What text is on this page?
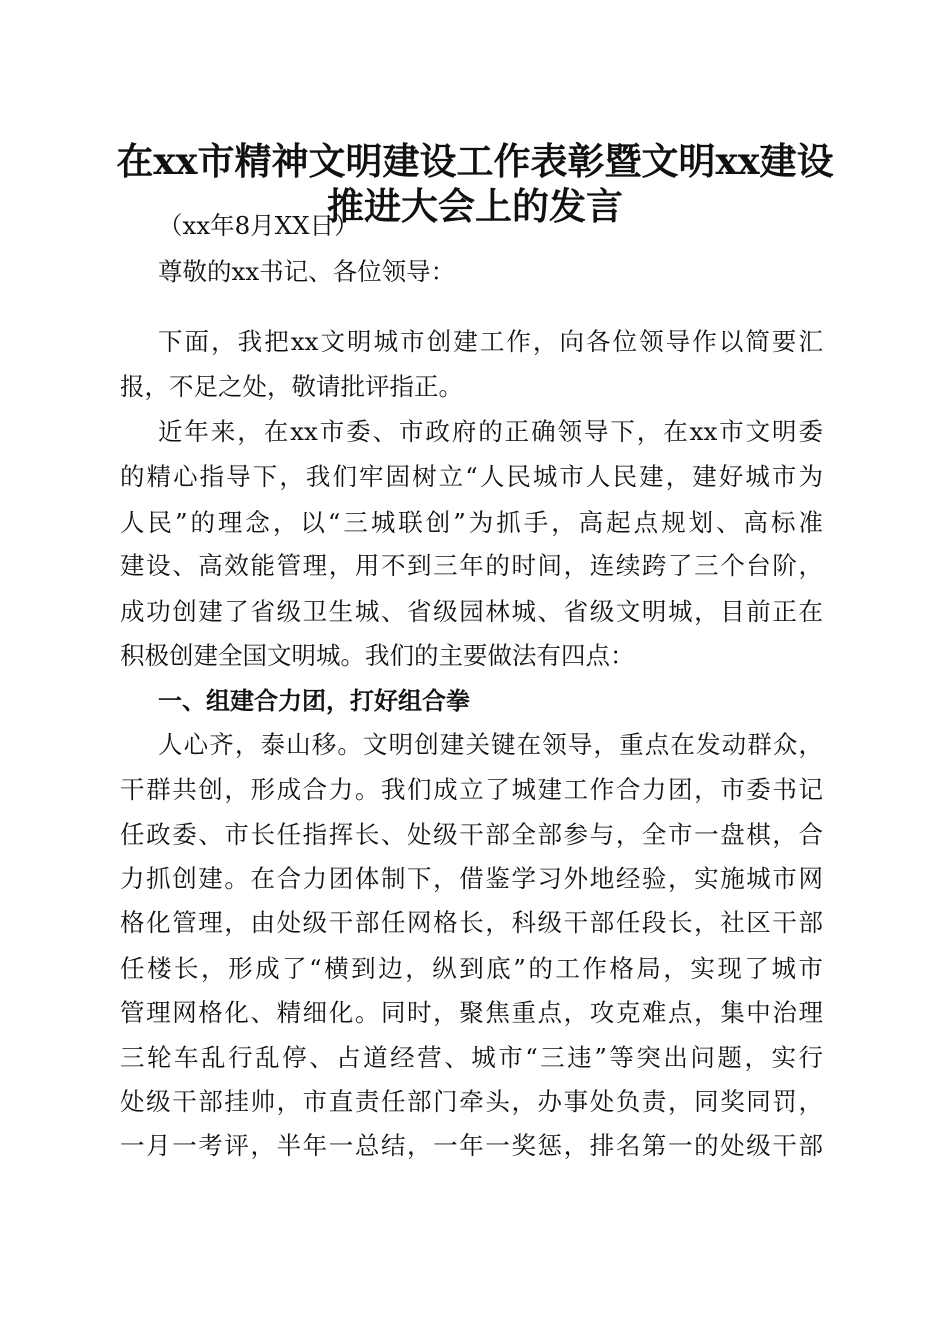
在xx市精神文明建设工作表彰暨文明xx建设
推进大会上的发言

（xx年8月XX日）

尊敬的xx书记、各位领导：

下面，我把xx文明城市创建工作，向各位领导作以简要汇

报，不足之处，敬请批评指正。

近年来，在xx市委、市政府的正确领导下，在xx市文明委

的精心指导下，我们牢固树立“人民城市人民建，建好城市为

人民”的理念，以“三城联创”为抓手，高起点规划、高标准

建设、高效能管理，用不到三年的时间，连续跨了三个台阶，

成功创建了省级卫生城、省级园林城、省级文明城，目前正在

积极创建全国文明城。我们的主要做法有四点：

一、组建合力团，打好组合拳

人心齐，泰山移。文明创建关键在领导，重点在发动群众，

干群共创，形成合力。我们成立了城建工作合力团，市委书记

任政委、市长任指挥长、处级干部全部参与，全市一盘棋，合

力抓创建。在合力团体制下，借鉴学习外地经验，实施城市网

格化管理，由处级干部任网格长，科级干部任段长，社区干部

任楼长，形成了“横到边，纵到底”的工作格局，实现了城市

管理网格化、精细化。同时，聚焦重点，攻克难点，集中治理

三轮车乱行乱停、占道经营、城市“三违”等突出问题，实行

处级干部挂帅，市直责任部门牵头，办事处负责，同奖同罚，

一月一考评，半年一总结，一年一奖惩，排名第一的处级干部
